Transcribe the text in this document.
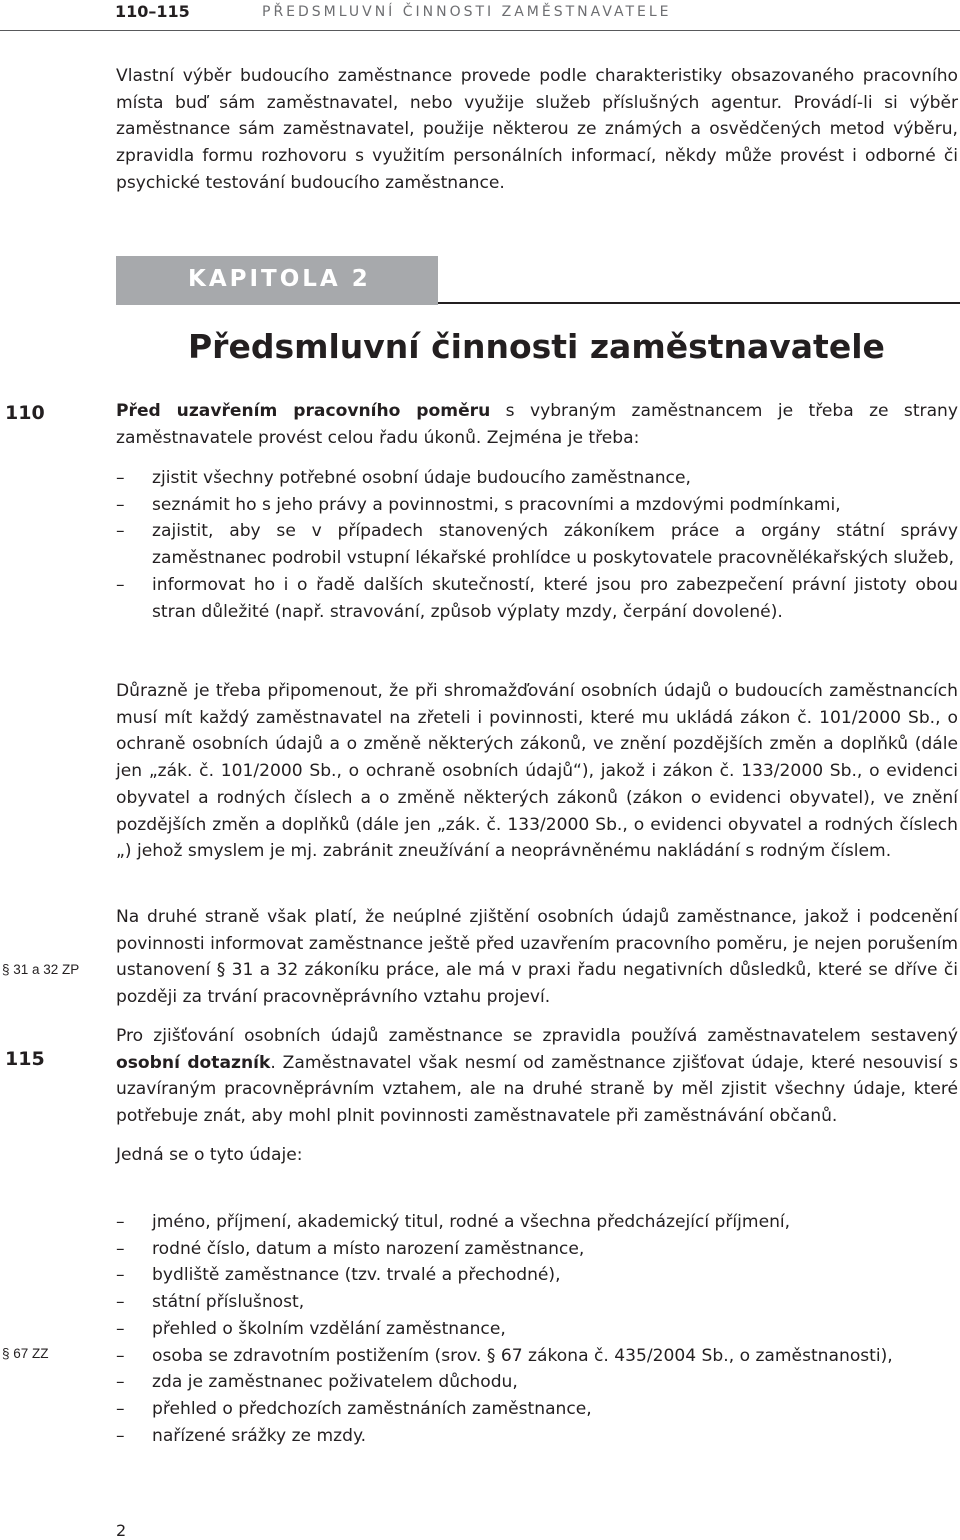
110–115	PŘEDSMLUVNÍ ČINNOSTI ZAMĚSTNAVATELE

Vlastní výběr budoucího zaměstnance provede podle charakteristiky obsazovaného pracovního místa buď sám zaměstnavatel, nebo využije služeb příslušných agentur. Provádí-li si výběr zaměstnance sám zaměstnavatel, použije některou ze známých a osvědčených metod výběru, zpravidla formu rozhovoru s využitím personálních informací, někdy může provést i odborné či psychické testování budoucího zaměstnance.

KAPITOLA 2
Předsmluvní činnosti zaměstnavatele
110
§ 31 a 32 ZP
115
§ 67 ZZ

Před uzavřením pracovního poměru s vybraným zaměstnancem je třeba ze strany zaměstnavatele provést celou řadu úkonů. Zejména je třeba:

– zjistit všechny potřebné osobní údaje budoucího zaměstnance,
– seznámit ho s jeho právy a povinnostmi, s pracovními a mzdovými podmínkami,
– zajistit, aby se v případech stanovených zákoníkem práce a orgány státní správy zaměstnanec podrobil vstupní lékařské prohlídce u poskytovatele pracovnělékařských služeb,
– informovat ho i o řadě dalších skutečností, které jsou pro zabezpečení právní jistoty obou stran důležité (např. stravování, způsob výplaty mzdy, čerpání dovolené).

Důrazně je třeba připomenout, že při shromažďování osobních údajů o budoucích zaměstnancích musí mít každý zaměstnavatel na zřeteli i povinnosti, které mu ukládá zákon č. 101/2000 Sb., o ochraně osobních údajů a o změně některých zákonů, ve znění pozdějších změn a doplňků (dále jen „zák. č. 101/2000 Sb., o ochraně osobních údajů“), jakož i zákon č. 133/2000 Sb., o evidenci obyvatel a rodných číslech a o změně některých zákonů (zákon o evidenci obyvatel), ve znění pozdějších změn a doplňků (dále jen „zák. č. 133/2000 Sb., o evidenci obyvatel a rodných číslech „) jehož smyslem je mj. zabránit zneužívání a neoprávněnému nakládání s rodným číslem.

Na druhé straně však platí, že neúplné zjištění osobních údajů zaměstnance, jakož i podcenění povinnosti informovat zaměstnance ještě před uzavřením pracovního poměru, je nejen porušením ustanovení § 31 a 32 zákoníku práce, ale má v praxi řadu negativních důsledků, které se dříve či později za trvání pracovněprávního vztahu projeví.

Pro zjišťování osobních údajů zaměstnance se zpravidla používá zaměstnavatelem sestavený osobní dotazník. Zaměstnavatel však nesmí od zaměstnance zjišťovat údaje, které nesouvisí s uzavíraným pracovněprávním vztahem, ale na druhé straně by měl zjistit všechny údaje, které potřebuje znát, aby mohl plnit povinnosti zaměstnavatele při zaměstnávání občanů.

Jedná se o tyto údaje:

– jméno, příjmení, akademický titul, rodné a všechna předcházející příjmení,
– rodné číslo, datum a místo narození zaměstnance,
– bydliště zaměstnance (tzv. trvalé a přechodné),
– státní příslušnost,
– přehled o školním vzdělání zaměstnance,
– osoba se zdravotním postižením (srov. § 67 zákona č. 435/2004 Sb., o zaměstnanosti),
– zda je zaměstnanec poživatelem důchodu,
– přehled o předchozích zaměstnáních zaměstnance,
– nařízené srážky ze mzdy.
2
